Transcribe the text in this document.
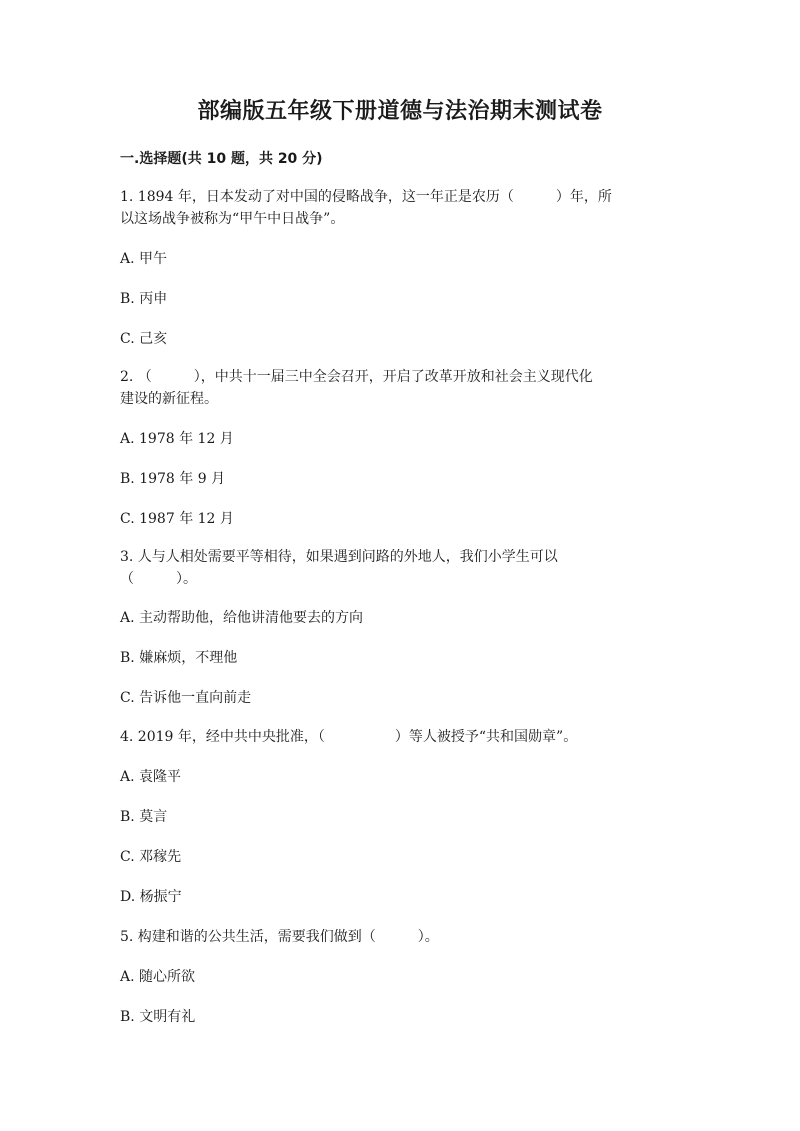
部编版五年级下册道德与法治期末测试卷
一.选择题(共 10 题，共 20 分)
1. 1894 年，日本发动了对中国的侵略战争，这一年正是农历（　　　）年，所
以这场战争被称为“甲午中日战争”。
A. 甲午
B. 丙申
C. 己亥
2. （　　　），中共十一届三中全会召开，开启了改革开放和社会主义现代化
建设的新征程。
A. 1978 年 12 月
B. 1978 年 9 月
C. 1987 年 12 月
3. 人与人相处需要平等相待，如果遇到问路的外地人，我们小学生可以
（　　　）。
A. 主动帮助他，给他讲清他要去的方向
B. 嫌麻烦，不理他
C. 告诉他一直向前走
4. 2019 年，经中共中央批准，（　　　　　）等人被授予“共和国勋章”。
A. 袁隆平
B. 莫言
C. 邓稼先
D. 杨振宁
5. 构建和谐的公共生活，需要我们做到（　　　）。
A. 随心所欲
B. 文明有礼
